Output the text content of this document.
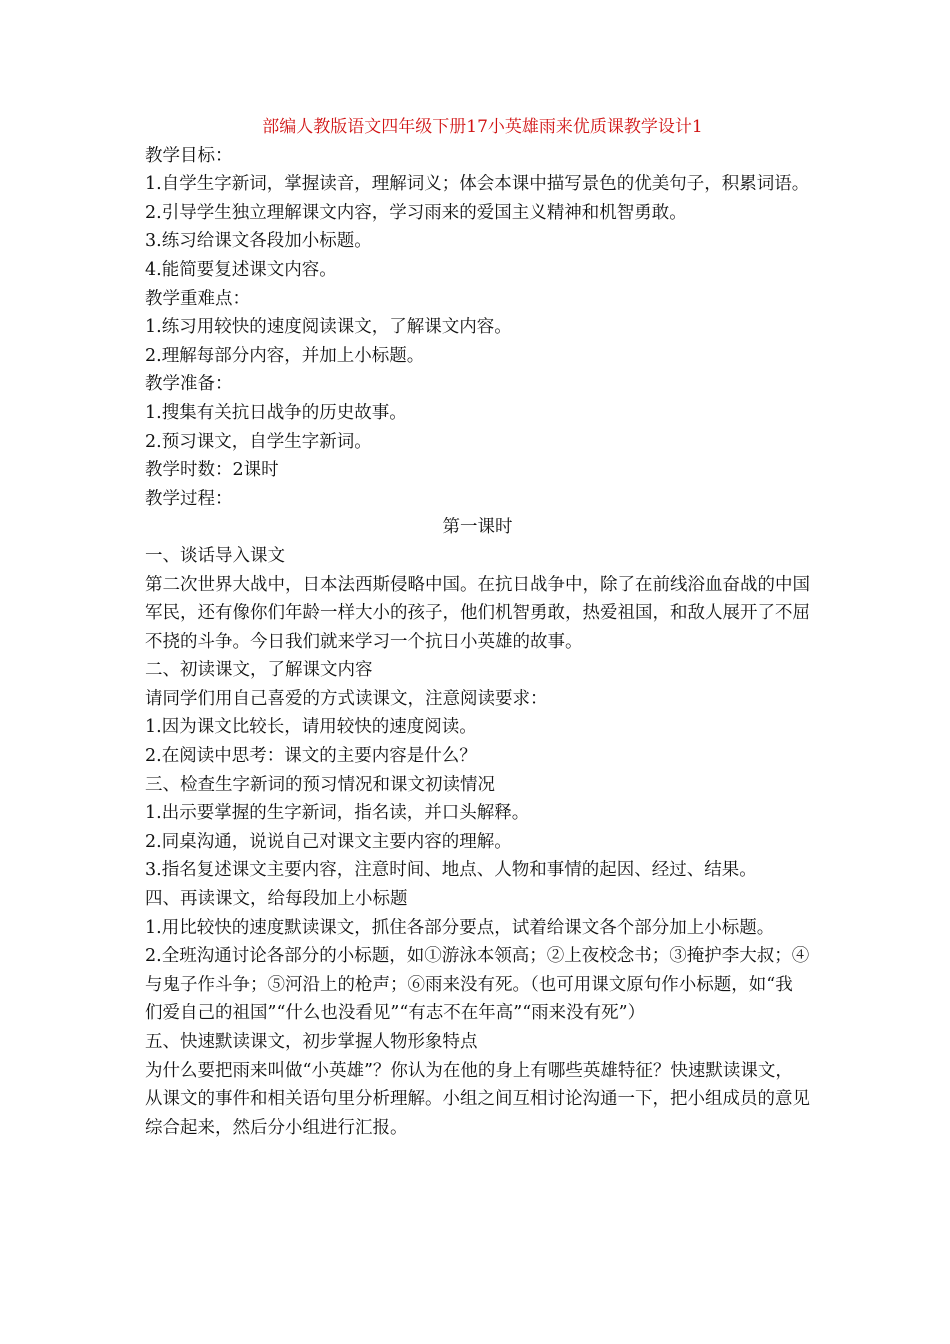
部编人教版语文四年级下册17小英雄雨来优质课教学设计1

教学目标：

1.自学生字新词，掌握读音，理解词义；体会本课中描写景色的优美句子，积累词语。

2.引导学生独立理解课文内容，学习雨来的爱国主义精神和机智勇敢。

3.练习给课文各段加小标题。

4.能简要复述课文内容。

教学重难点：

1.练习用较快的速度阅读课文，了解课文内容。

2.理解每部分内容，并加上小标题。

教学准备：

1.搜集有关抗日战争的历史故事。

2.预习课文，自学生字新词。

教学时数：2课时

教学过程：

第一课时

一、谈话导入课文

第二次世界大战中，日本法西斯侵略中国。在抗日战争中，除了在前线浴血奋战的中国军民，还有像你们年龄一样大小的孩子，他们机智勇敢，热爱祖国，和敌人展开了不屈不挠的斗争。今日我们就来学习一个抗日小英雄的故事。

二、初读课文，了解课文内容

请同学们用自己喜爱的方式读课文，注意阅读要求：

1.因为课文比较长，请用较快的速度阅读。

2.在阅读中思考：课文的主要内容是什么？

三、检查生字新词的预习情况和课文初读情况

1.出示要掌握的生字新词，指名读，并口头解释。

2.同桌沟通，说说自己对课文主要内容的理解。

3.指名复述课文主要内容，注意时间、地点、人物和事情的起因、经过、结果。

四、再读课文，给每段加上小标题

1.用比较快的速度默读课文，抓住各部分要点，试着给课文各个部分加上小标题。

2.全班沟通讨论各部分的小标题，如①游泳本领高；②上夜校念书；③掩护李大叔；④与鬼子作斗争；⑤河沿上的枪声；⑥雨来没有死。（也可用课文原句作小标题，如“我们爱自己的祖国”“什么也没看见”“有志不在年高”“雨来没有死”）

五、快速默读课文，初步掌握人物形象特点

为什么要把雨来叫做“小英雄”？你认为在他的身上有哪些英雄特征？快速默读课文，从课文的事件和相关语句里分析理解。小组之间互相讨论沟通一下，把小组成员的意见综合起来，然后分小组进行汇报。
